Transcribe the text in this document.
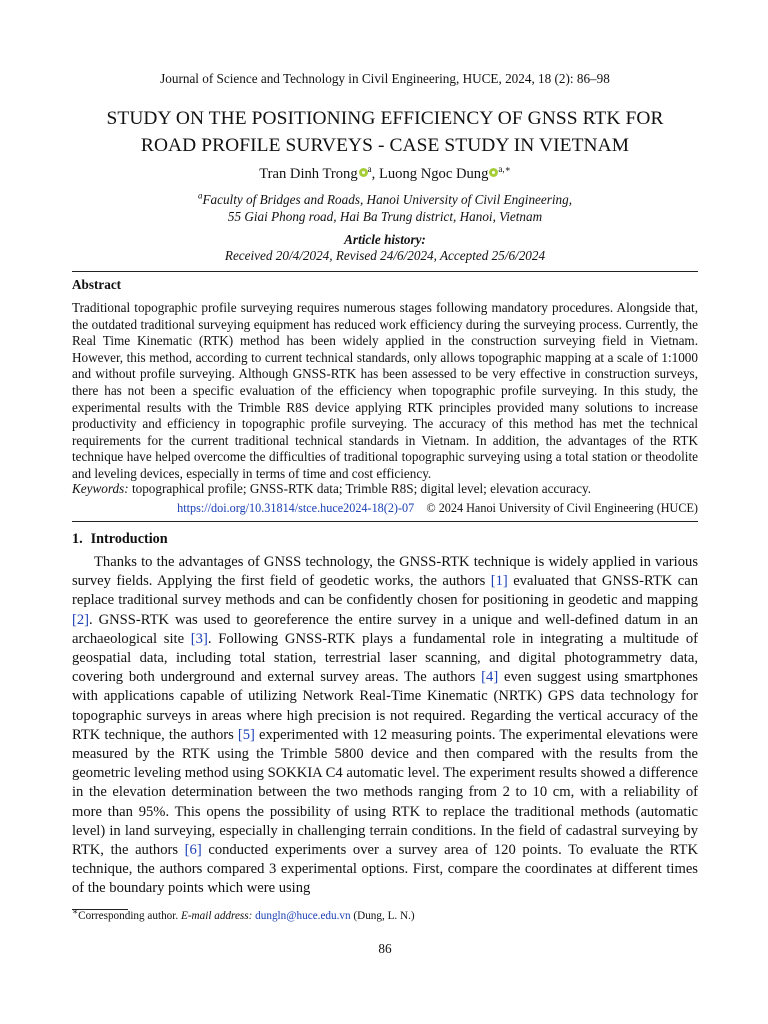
Journal of Science and Technology in Civil Engineering, HUCE, 2024, 18 (2): 86–98
STUDY ON THE POSITIONING EFFICIENCY OF GNSS RTK FOR
ROAD PROFILE SURVEYS - CASE STUDY IN VIETNAM
Tran Dinh Trong $^a$, Luong Ngoc Dung $^{a,∗}$
$^a$Faculty of Bridges and Roads, Hanoi University of Civil Engineering,
55 Giai Phong road, Hai Ba Trung district, Hanoi, Vietnam
Article history:
Received 20/4/2024, Revised 24/6/2024, Accepted 25/6/2024
Abstract
Traditional topographic profile surveying requires numerous stages following mandatory procedures. Alongside that, the outdated traditional surveying equipment has reduced work efficiency during the surveying process. Currently, the Real Time Kinematic (RTK) method has been widely applied in the construction surveying field in Vietnam. However, this method, according to current technical standards, only allows topographic mapping at a scale of 1:1000 and without profile surveying. Although GNSS-RTK has been assessed to be very effective in construction surveys, there has not been a specific evaluation of the efficiency when topographic profile surveying. In this study, the experimental results with the Trimble R8S device applying RTK principles provided many solutions to increase productivity and efficiency in topographic profile surveying. The accuracy of this method has met the technical requirements for the current traditional technical standards in Vietnam. In addition, the advantages of the RTK technique have helped overcome the difficulties of traditional topographic surveying using a total station or theodolite and leveling devices, especially in terms of time and cost efficiency.
Keywords: topographical profile; GNSS-RTK data; Trimble R8S; digital level; elevation accuracy.
https://doi.org/10.31814/stce.huce2024-18(2)-07 © 2024 Hanoi University of Civil Engineering (HUCE)
1. Introduction
Thanks to the advantages of GNSS technology, the GNSS-RTK technique is widely applied in various survey fields. Applying the first field of geodetic works, the authors [1] evaluated that GNSS-RTK can replace traditional survey methods and can be confidently chosen for positioning in geodetic and mapping [2]. GNSS-RTK was used to georeference the entire survey in a unique and well-defined datum in an archaeological site [3]. Following GNSS-RTK plays a fundamental role in integrating a multitude of geospatial data, including total station, terrestrial laser scanning, and digital photogrammetry data, covering both underground and external survey areas. The authors [4] even suggest using smartphones with applications capable of utilizing Network Real-Time Kinematic (NRTK) GPS data technology for topographic surveys in areas where high precision is not required. Regarding the vertical accuracy of the RTK technique, the authors [5] experimented with 12 measuring points. The experimental elevations were measured by the RTK using the Trimble 5800 device and then compared with the results from the geometric leveling method using SOKKIA C4 automatic level. The experiment results showed a difference in the elevation determination between the two methods ranging from 2 to 10 cm, with a reliability of more than 95%. This opens the possibility of using RTK to replace the traditional methods (automatic level) in land surveying, especially in challenging terrain conditions. In the field of cadastral surveying by RTK, the authors [6] conducted experiments over a survey area of 120 points. To evaluate the RTK technique, the authors compared 3 experimental options. First, compare the coordinates at different times of the boundary points which were using
∗Corresponding author. E-mail address: dungln@huce.edu.vn (Dung, L. N.)
86
